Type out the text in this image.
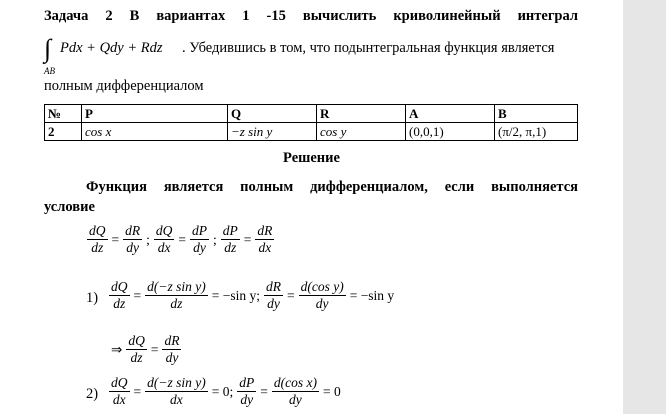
Задача 2 В вариантах 1 -15 вычислить криволинейный интеграл
∫
AB
Pdx + Qdy + Rdz . Убедившись в том, что подынтегральная функция является
полным дифференциалом
№	P	Q	R	A	B
2	cos x	−z sin y	cos y	(0,0,1)	(π/2, π,1)
Решение
Функция является полным дифференциалом, если выполняется
условие
$\frac{dQ}{dz} = \frac{dR}{dy}$ ; $\frac{dQ}{dx} = \frac{dP}{dy}$ ; $\frac{dP}{dz} = \frac{dR}{dx}$
$1) \frac{dQ}{dz} = \frac{\text{d(−z sin y)}}{dz} = -\sin$ y; $\frac{dR}{dy} = \frac{\text{d(cos y)}}{dy} = -\sin$ y
⇒ $\frac{dQ}{dz} = \frac{dR}{dy}$
$2) \frac{dQ}{dx} = \frac{\text{d(−z sin y)}}{dx} = 0$; $\frac{dP}{dy} = \frac{\text{d(cos x)}}{dy} = 0$
